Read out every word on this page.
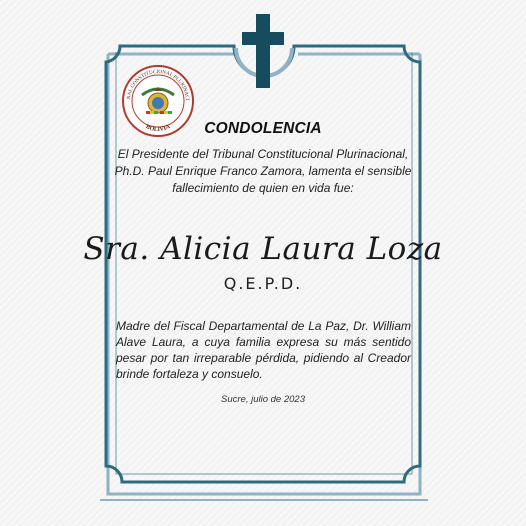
NAL CONSTITUCIONAL PLURINACI
BOLIVIA	CONDOLENCIA
El Presidente del Tribunal Constitucional Plurinacional, Ph.D. Paul Enrique Franco Zamora, lamenta el sensible fallecimiento de quien en vida fue:
Sra. Alicia Laura Loza
Q.E.P.D.
Madre del Fiscal Departamental de La Paz, Dr. William Alave Laura, a cuya familia expresa su más sentido pesar por tan irreparable pérdida, pidiendo al Creador brinde fortaleza y consuelo.
Sucre, julio de 2023
